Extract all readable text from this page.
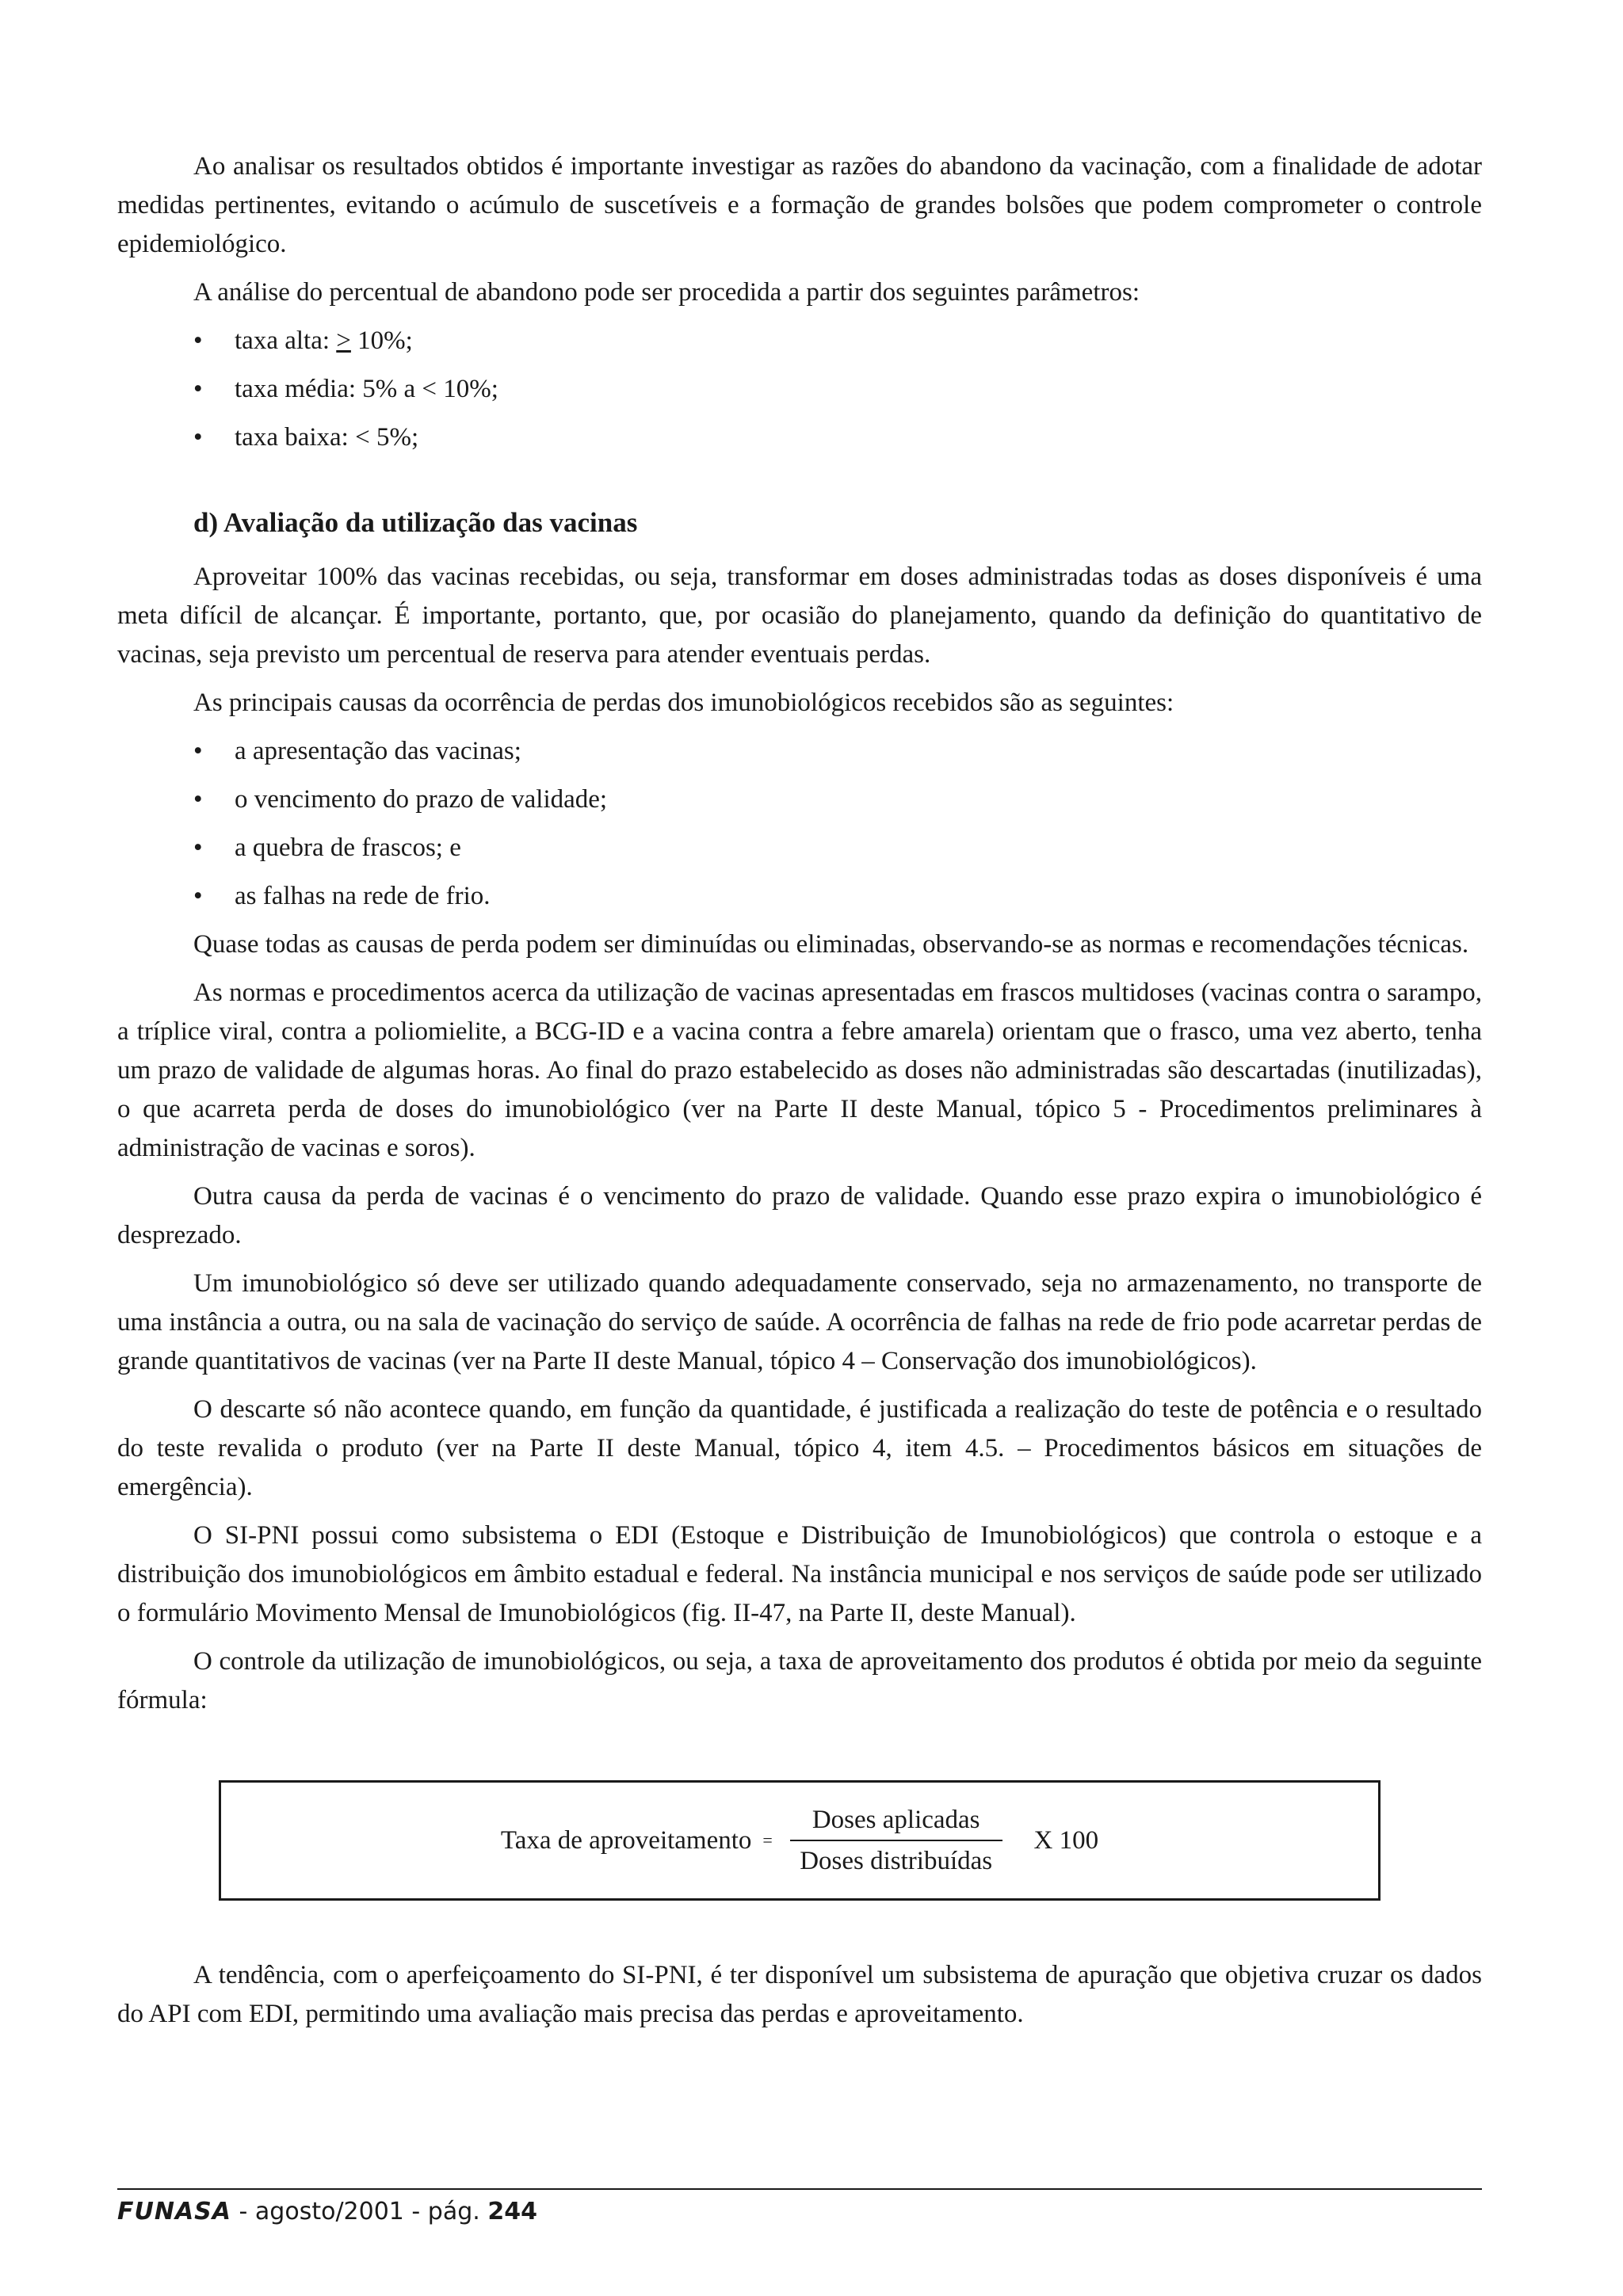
Ao analisar os resultados obtidos é importante investigar as razões do abandono da vacinação, com a finalidade de adotar medidas pertinentes, evitando o acúmulo de suscetíveis e a formação de grandes bolsões que podem comprometer o controle epidemiológico.

A análise do percentual de abandono pode ser procedida a partir dos seguintes parâmetros:

• taxa alta: > 10%;
• taxa média: 5% a < 10%;
• taxa baixa: < 5%;
d) Avaliação da utilização das vacinas

Aproveitar 100% das vacinas recebidas, ou seja, transformar em doses administradas todas as doses disponíveis é uma meta difícil de alcançar. É importante, portanto, que, por ocasião do planejamento, quando da definição do quantitativo de vacinas, seja previsto um percentual de reserva para atender eventuais perdas.

As principais causas da ocorrência de perdas dos imunobiológicos recebidos são as seguintes:

• a apresentação das vacinas;
• o vencimento do prazo de validade;
• a quebra de frascos; e
• as falhas na rede de frio.

Quase todas as causas de perda podem ser diminuídas ou eliminadas, observando-se as normas e recomendações técnicas.

As normas e procedimentos acerca da utilização de vacinas apresentadas em frascos multidoses (vacinas contra o sarampo, a tríplice viral, contra a poliomielite, a BCG-ID e a vacina contra a febre amarela) orientam que o frasco, uma vez aberto, tenha um prazo de validade de algumas horas. Ao final do prazo estabelecido as doses não administradas são descartadas (inutilizadas), o que acarreta perda de doses do imunobiológico (ver na Parte II deste Manual, tópico 5 - Procedimentos preliminares à administração de vacinas e soros).

Outra causa da perda de vacinas é o vencimento do prazo de validade. Quando esse prazo expira o imunobiológico é desprezado.

Um imunobiológico só deve ser utilizado quando adequadamente conservado, seja no armazenamento, no transporte de uma instância a outra, ou na sala de vacinação do serviço de saúde. A ocorrência de falhas na rede de frio pode acarretar perdas de grande quantitativos de vacinas (ver na Parte II deste Manual, tópico 4 – Conservação dos imunobiológicos).

O descarte só não acontece quando, em função da quantidade, é justificada a realização do teste de potência e o resultado do teste revalida o produto (ver na Parte II deste Manual, tópico 4, item 4.5. – Procedimentos básicos em situações de emergência).

O SI-PNI possui como subsistema o EDI (Estoque e Distribuição de Imunobiológicos) que controla o estoque e a distribuição dos imunobiológicos em âmbito estadual e federal. Na instância municipal e nos serviços de saúde pode ser utilizado o formulário Movimento Mensal de Imunobiológicos (fig. II-47, na Parte II, deste Manual).

O controle da utilização de imunobiológicos, ou seja, a taxa de aproveitamento dos produtos é obtida por meio da seguinte fórmula:

Taxa de aproveitamento = $\frac{\text{Doses aplicadas}}{\text{Doses distribuídas}}$ X 100

A tendência, com o aperfeiçoamento do SI-PNI, é ter disponível um subsistema de apuração que objetiva cruzar os dados do API com EDI, permitindo uma avaliação mais precisa das perdas e aproveitamento.

FUNASA - agosto/2001 - pág. 244
